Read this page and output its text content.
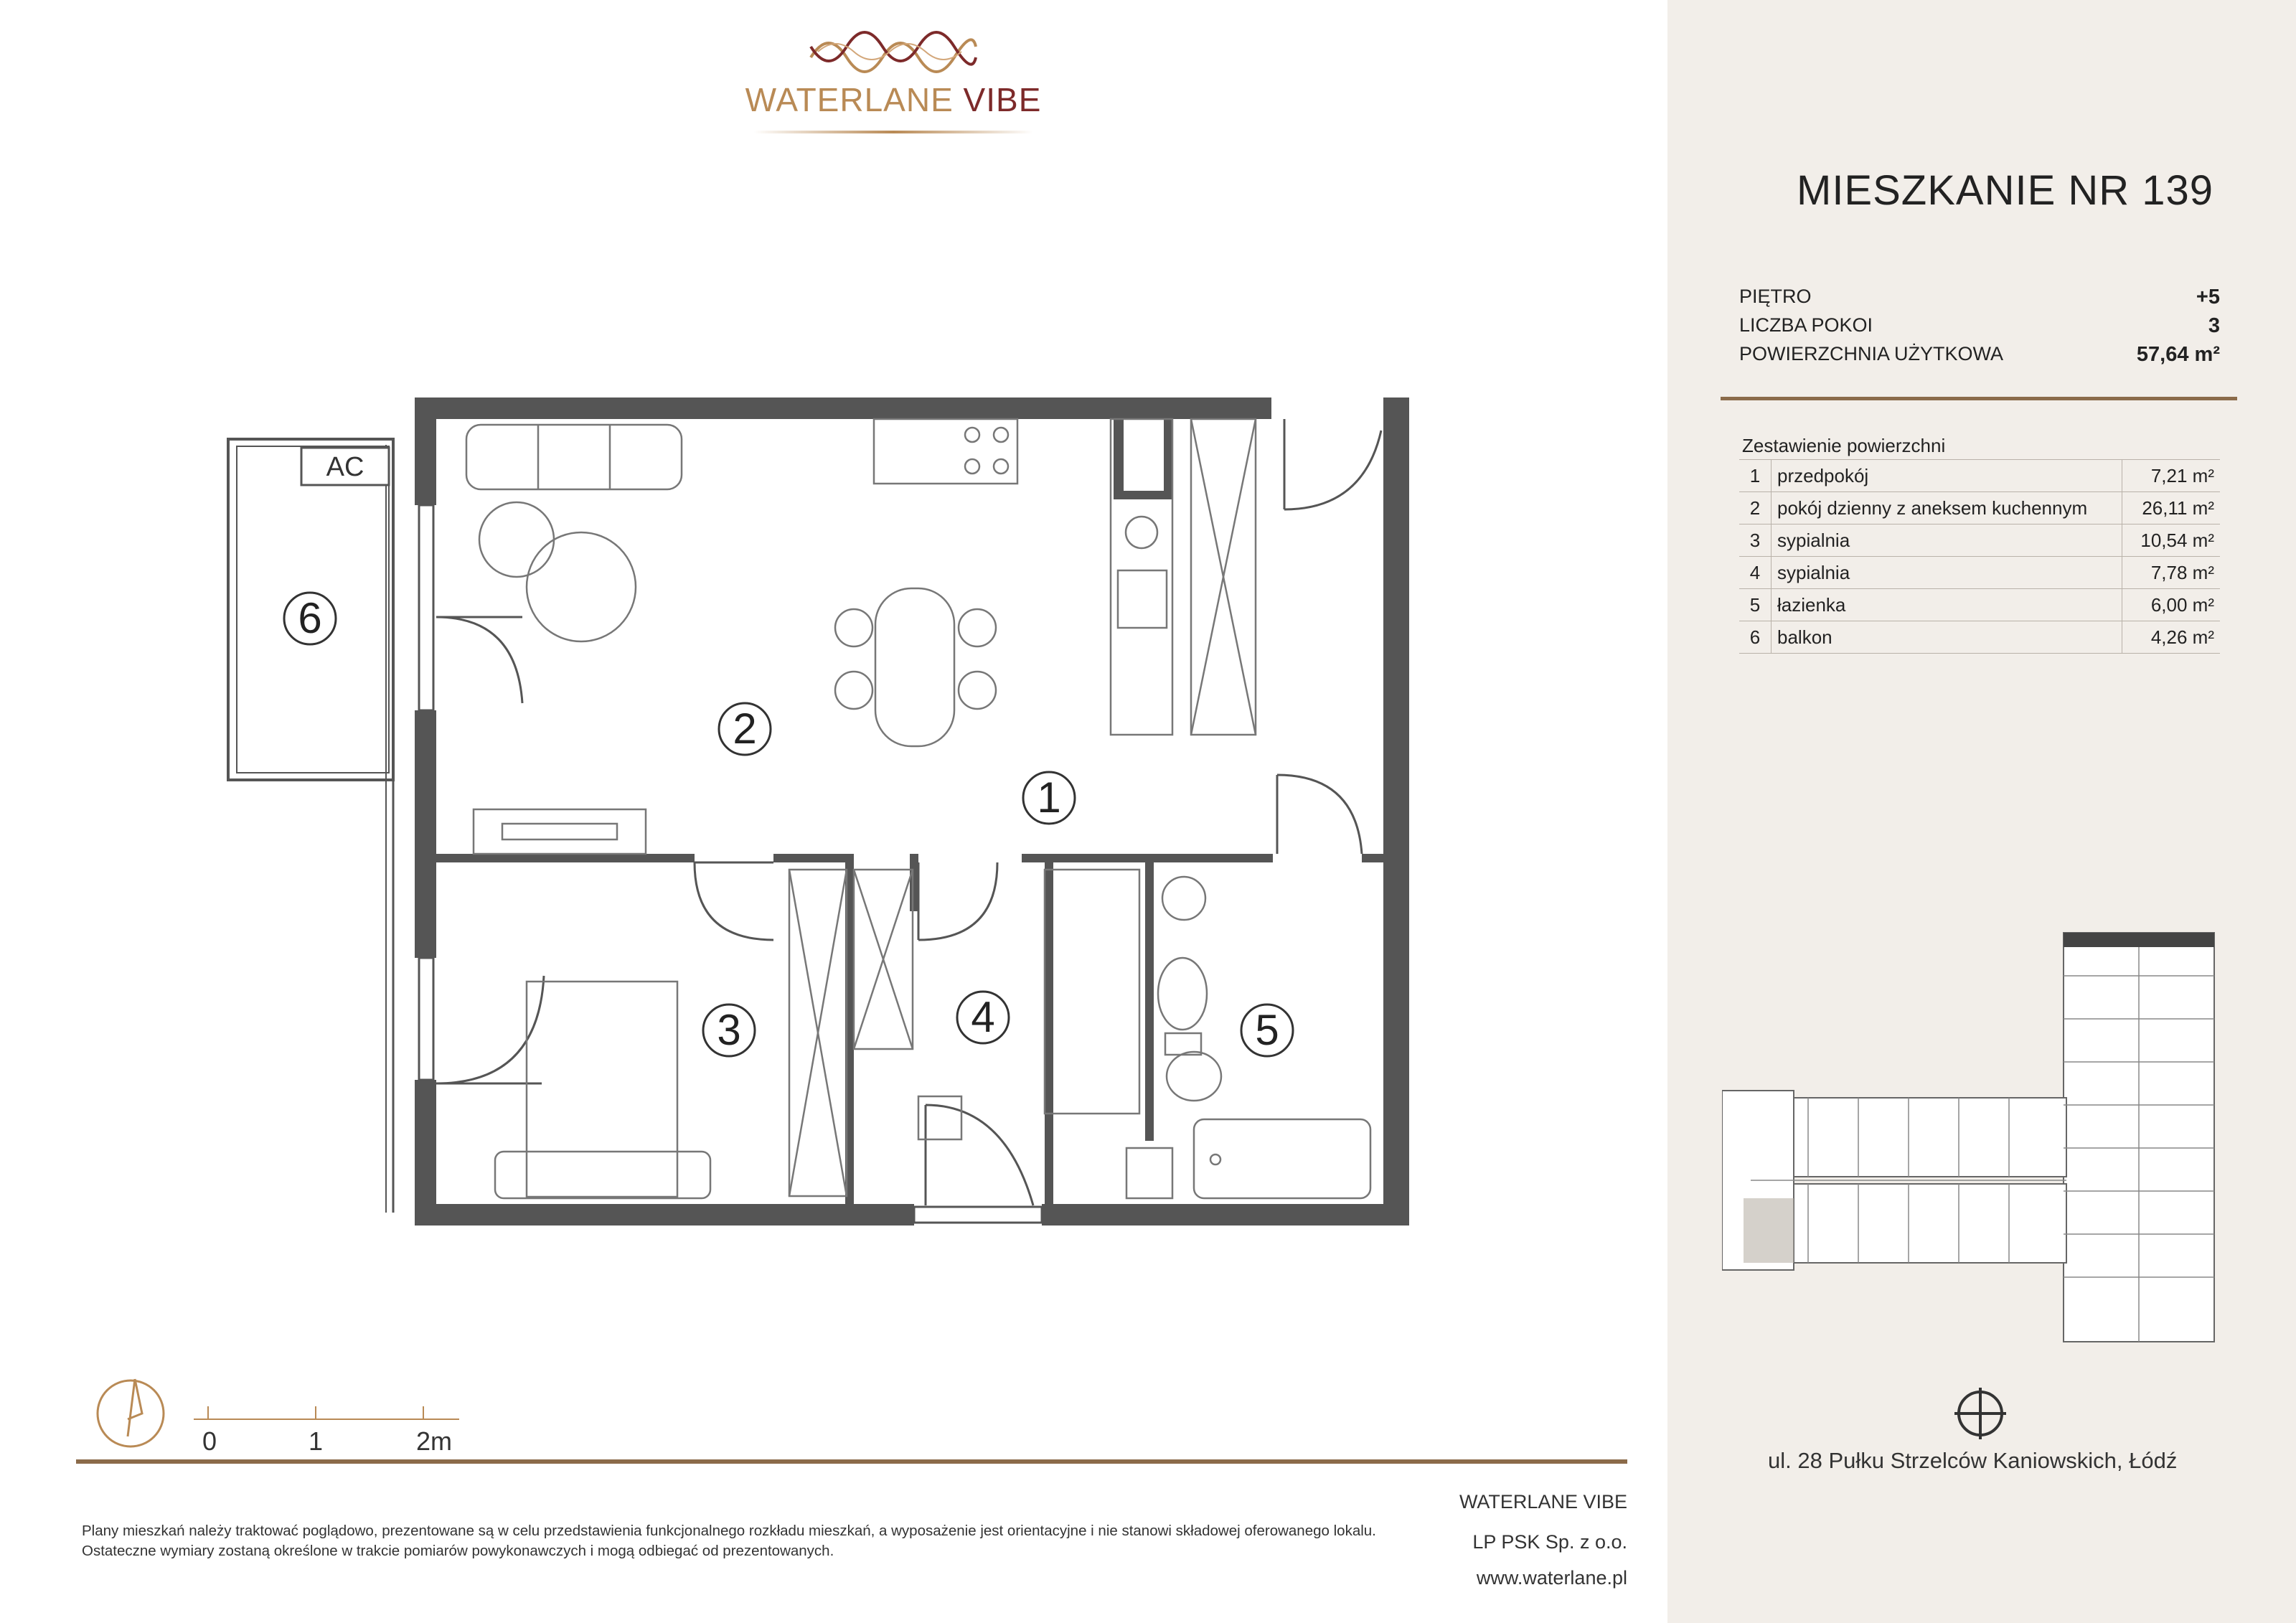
WATERLANE VIBE
AC
1
2
3	4	5
6
MIESZKANIE NR 139
PIĘTRO	+5
LICZBA POKOI	3
POWIERZCHNIA UŻYTKOWA	57,64 m²
Zestawienie powierzchni
1	przedpokój	7,21 m²
2	pokój dzienny z aneksem kuchennym	26,11 m²
3	sypialnia	10,54 m²
4	sypialnia	7,78 m²
5	łazienka	6,00 m²
6	balkon	4,26 m²
ul. 28 Pułku Strzelców Kaniowskich, Łódź
0	1	2m

Plany mieszkań należy traktować poglądowo, prezentowane są w celu przedstawienia funkcjonalnego rozkładu mieszkań, a wyposażenie jest orientacyjne i nie stanowi składowej oferowanego lokalu.

Ostateczne wymiary zostaną określone w trakcie pomiarów powykonawczych i mogą odbiegać od prezentowanych.

WATERLANE VIBE
LP PSK Sp. z o.o.
www.waterlane.pl
